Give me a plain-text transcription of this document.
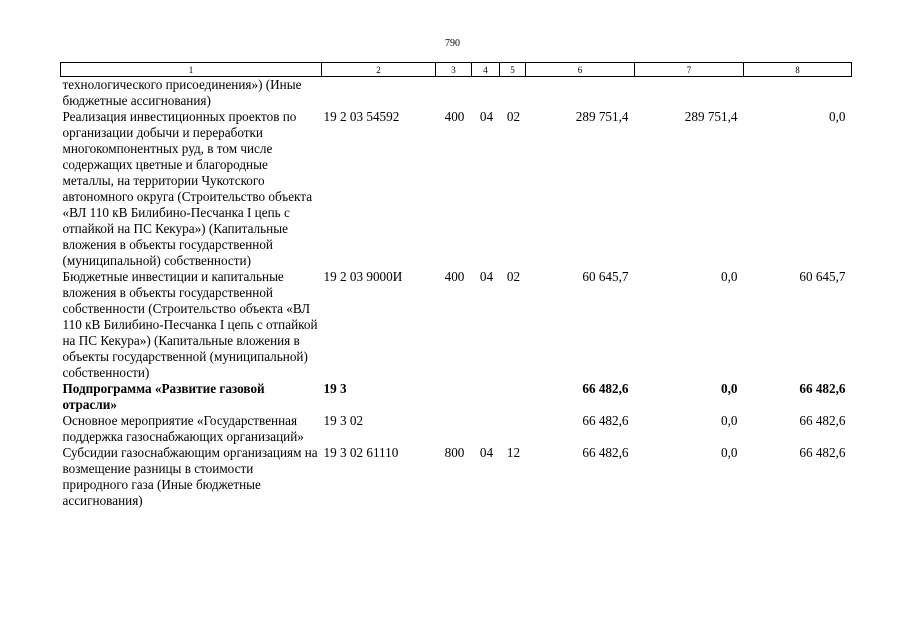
790
1	2	3	4	5	6	7	8
технологического присоединения») (Иные бюджетные ассигнования)							
Реализация инвестиционных проектов по организации добычи и переработки многокомпонентных руд, в том числе содержащих цветные и благородные металлы, на территории Чукотского автономного округа (Строительство объекта «ВЛ 110 кВ Билибино-Песчанка I цепь с отпайкой на ПС Кекура») (Капитальные вложения в объекты государственной (муниципальной) собственности)	19 2 03 54592	400	04	02	289 751,4	289 751,4	0,0
Бюджетные инвестиции и капитальные вложения в объекты государственной собственности (Строительство объекта «ВЛ 110 кВ Билибино-Песчанка I цепь с отпайкой на ПС Кекура») (Капитальные вложения в объекты государственной (муниципальной) собственности)	19 2 03 9000И	400	04	02	60 645,7	0,0	60 645,7
Подпрограмма «Развитие газовой отрасли»	19 3				66 482,6	0,0	66 482,6
Основное мероприятие «Государственная поддержка газоснабжающих организаций»	19 3 02				66 482,6	0,0	66 482,6
Субсидии газоснабжающим организациям на возмещение разницы в стоимости природного газа (Иные бюджетные ассигнования)	19 3 02 61110	800	04	12	66 482,6	0,0	66 482,6
